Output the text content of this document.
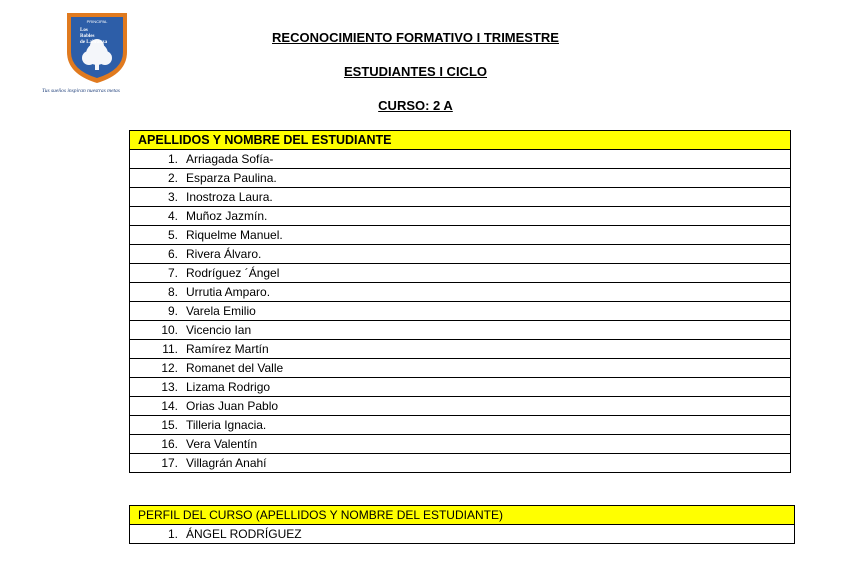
PRINCIPAL
Los
Robles
de Labranza
Tus sueños inspiran nuestras metas
RECONOCIMIENTO FORMATIVO I TRIMESTRE
ESTUDIANTES I CICLO
CURSO: 2 A
APELLIDOS Y NOMBRE DEL ESTUDIANTE
1. Arriagada Sofía-
2. Esparza Paulina.
3. Inostroza Laura.
4. Muñoz Jazmín.
5. Riquelme Manuel.
6. Rivera Álvaro.
7. Rodríguez ´Ángel
8. Urrutia Amparo.
9. Varela Emilio
10. Vicencio Ian
11. Ramírez Martín
12. Romanet del Valle
13. Lizama Rodrigo
14. Orias Juan Pablo
15. Tilleria Ignacia.
16. Vera Valentín
17. Villagrán Anahí
PERFIL DEL CURSO (APELLIDOS Y NOMBRE DEL ESTUDIANTE)
1. ÁNGEL RODRÍGUEZ
